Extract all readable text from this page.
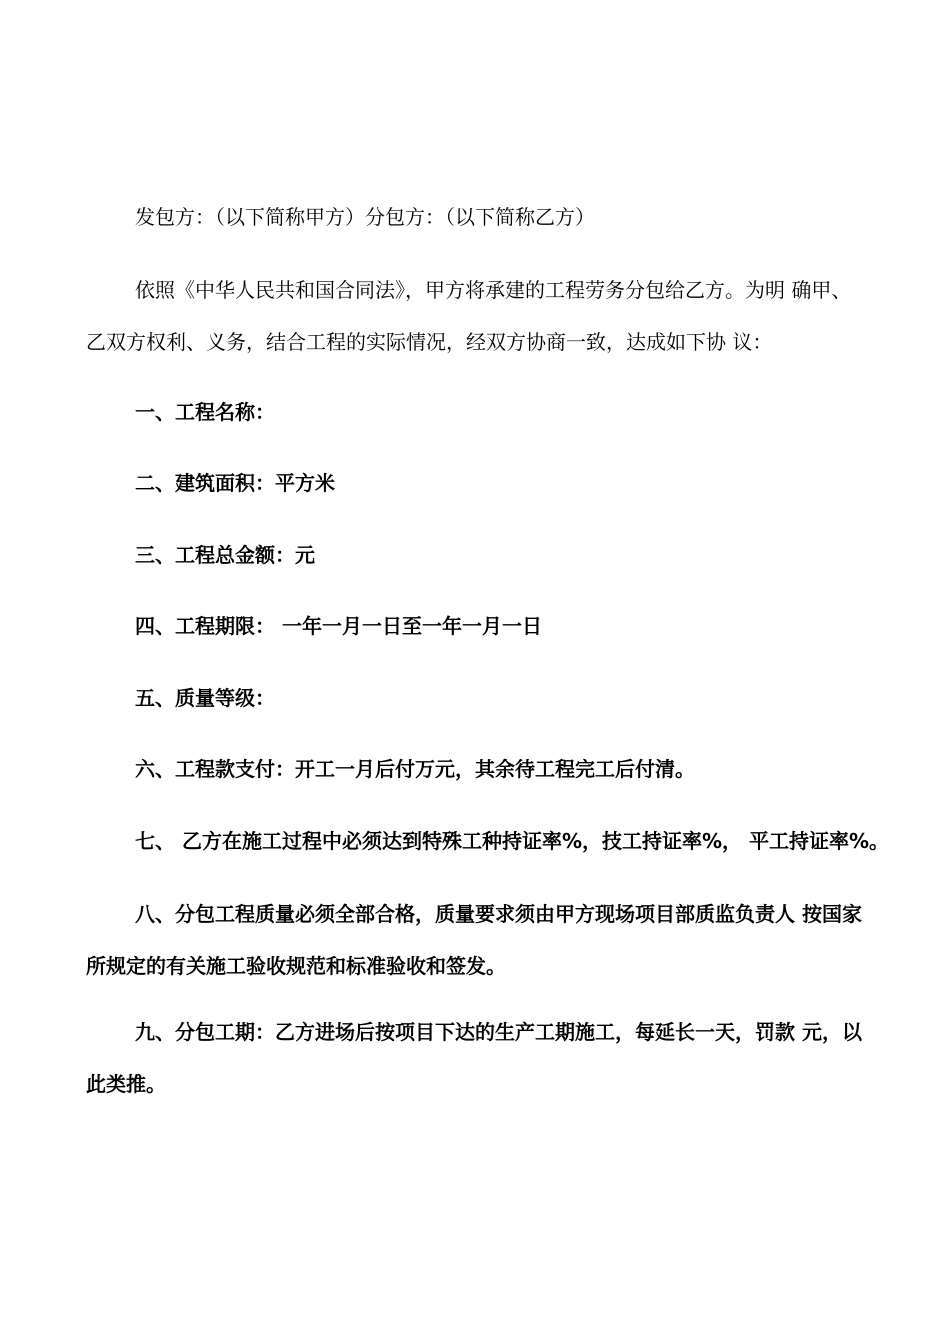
发包方：（以下简称甲方）分包方：（以下简称乙方）

依照《中华人民共和国合同法》，甲方将承建的工程劳务分包给乙方。为明 确甲、

乙双方权利、义务，结合工程的实际情况，经双方协商一致，达成如下协 议：

一、工程名称：

二、建筑面积：平方米

三、工程总金额：元

四、工程期限： 一年一月一日至一年一月一日

五、质量等级：

六、工程款支付：开工一月后付万元，其余待工程完工后付清。

七、 乙方在施工过程中必须达到特殊工种持证率%，技工持证率%， 平工持证率%。

八、分包工程质量必须全部合格，质量要求须由甲方现场项目部质监负责人 按国家

所规定的有关施工验收规范和标准验收和签发。

九、分包工期：乙方进场后按项目下达的生产工期施工，每延长一天，罚款 元，以

此类推。
